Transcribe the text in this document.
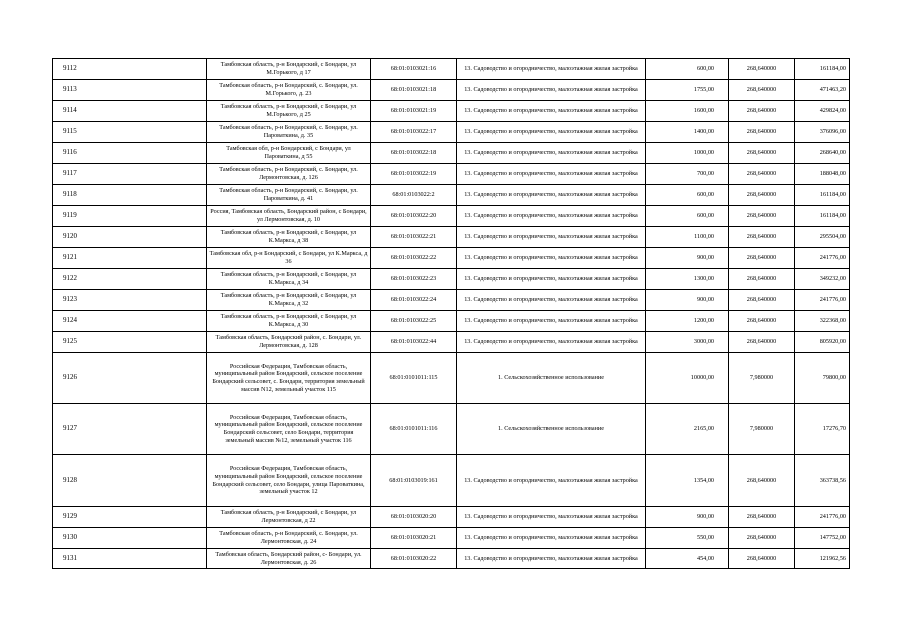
9112	Тамбовская область, р-н Бондарский, с Бондари, ул М.Горького, д 17	68:01:0103021:16	13. Садоводство и огородничество, малоэтажная жилая застройка	600,00	268,640000	161184,00
9113	Тамбовская область, р-н Бондарский, с. Бондари, ул. М.Горького, д. 23	68:01:0103021:18	13. Садоводство и огородничество, малоэтажная жилая застройка	1755,00	268,640000	471463,20
9114	Тамбовская область, р-н Бондарский, с Бондари, ул М.Горького, д 25	68:01:0103021:19	13. Садоводство и огородничество, малоэтажная жилая застройка	1600,00	268,640000	429824,00
9115	Тамбовская область, р-н Бондарский, с. Бондари, ул. Пароваткина, д. 35	68:01:0103022:17	13. Садоводство и огородничество, малоэтажная жилая застройка	1400,00	268,640000	376096,00
9116	Тамбовская обл, р-н Бондарский, с Бондари, ул Пароваткина, д 55	68:01:0103022:18	13. Садоводство и огородничество, малоэтажная жилая застройка	1000,00	268,640000	268640,00
9117	Тамбовская область, р-н Бондарский, с. Бондари, ул. Лермонтовская, д. 126	68:01:0103022:19	13. Садоводство и огородничество, малоэтажная жилая застройка	700,00	268,640000	188048,00
9118	Тамбовская область, р-н Бондарский, с. Бондари, ул. Пароваткина, д. 41	68:01:0103022:2	13. Садоводство и огородничество, малоэтажная жилая застройка	600,00	268,640000	161184,00
9119	Россия, Тамбовская область, Бондарский район, с Бондари, ул Лермонтовская, д. 10	68:01:0103022:20	13. Садоводство и огородничество, малоэтажная жилая застройка	600,00	268,640000	161184,00
9120	Тамбовская область, р-н Бондарский, с Бондари, ул К.Маркса, д 38	68:01:0103022:21	13. Садоводство и огородничество, малоэтажная жилая застройка	1100,00	268,640000	295504,00
9121	Тамбовская обл, р-н Бондарский, с Бондари, ул К.Маркса, д 36	68:01:0103022:22	13. Садоводство и огородничество, малоэтажная жилая застройка	900,00	268,640000	241776,00
9122	Тамбовская область, р-н Бондарский, с Бондари, ул К.Маркса, д 34	68:01:0103022:23	13. Садоводство и огородничество, малоэтажная жилая застройка	1300,00	268,640000	349232,00
9123	Тамбовская область, р-н Бондарский, с Бондари, ул К.Маркса, д 32	68:01:0103022:24	13. Садоводство и огородничество, малоэтажная жилая застройка	900,00	268,640000	241776,00
9124	Тамбовская область, р-н Бондарский, с Бондари, ул К.Маркса, д 30	68:01:0103022:25	13. Садоводство и огородничество, малоэтажная жилая застройка	1200,00	268,640000	322368,00
9125	Тамбовская область, Бондарский район, с. Бондари, ул. Лермонтовская, д. 128	68:01:0103022:44	13. Садоводство и огородничество, малоэтажная жилая застройка	3000,00	268,640000	805920,00
9126	Российская Федерация, Тамбовская область, муниципальный район Бондарский, сельское поселение Бондарский сельсовет, с. Бондари, территория земельный массив N12, земельный участок 115	68:01:0101011:115	1. Сельскохозяйственное использование	10000,00	7,980000	79800,00
9127	Российская Федерация, Тамбовская область, муниципальный район Бондарский, сельское поселение Бондарский сельсовет, село Бондари, территория земельный массив №12, земельный участок 116	68:01:0101011:116	1. Сельскохозяйственное использование	2165,00	7,980000	17276,70
9128	Российская Федерация, Тамбовская область, муниципальный район Бондарский, сельское поселение Бондарский сельсовет, село Бондари, улица Пароваткина, земельный участок 12	68:01:0103019:161	13. Садоводство и огородничество, малоэтажная жилая застройка	1354,00	268,640000	363738,56
9129	Тамбовская область, р-н Бондарский, с Бондари, ул Лермонтовская, д 22	68:01:0103020:20	13. Садоводство и огородничество, малоэтажная жилая застройка	900,00	268,640000	241776,00
9130	Тамбовская область, р-н Бондарский, с. Бондари, ул. Лермонтовская, д. 24	68:01:0103020:21	13. Садоводство и огородничество, малоэтажная жилая застройка	550,00	268,640000	147752,00
9131	Тамбовская область, Бондарский район, с- Бондари, ул. Лермонтовская, д. 26	68:01:0103020:22	13. Садоводство и огородничество, малоэтажная жилая застройка	454,00	268,640000	121962,56
